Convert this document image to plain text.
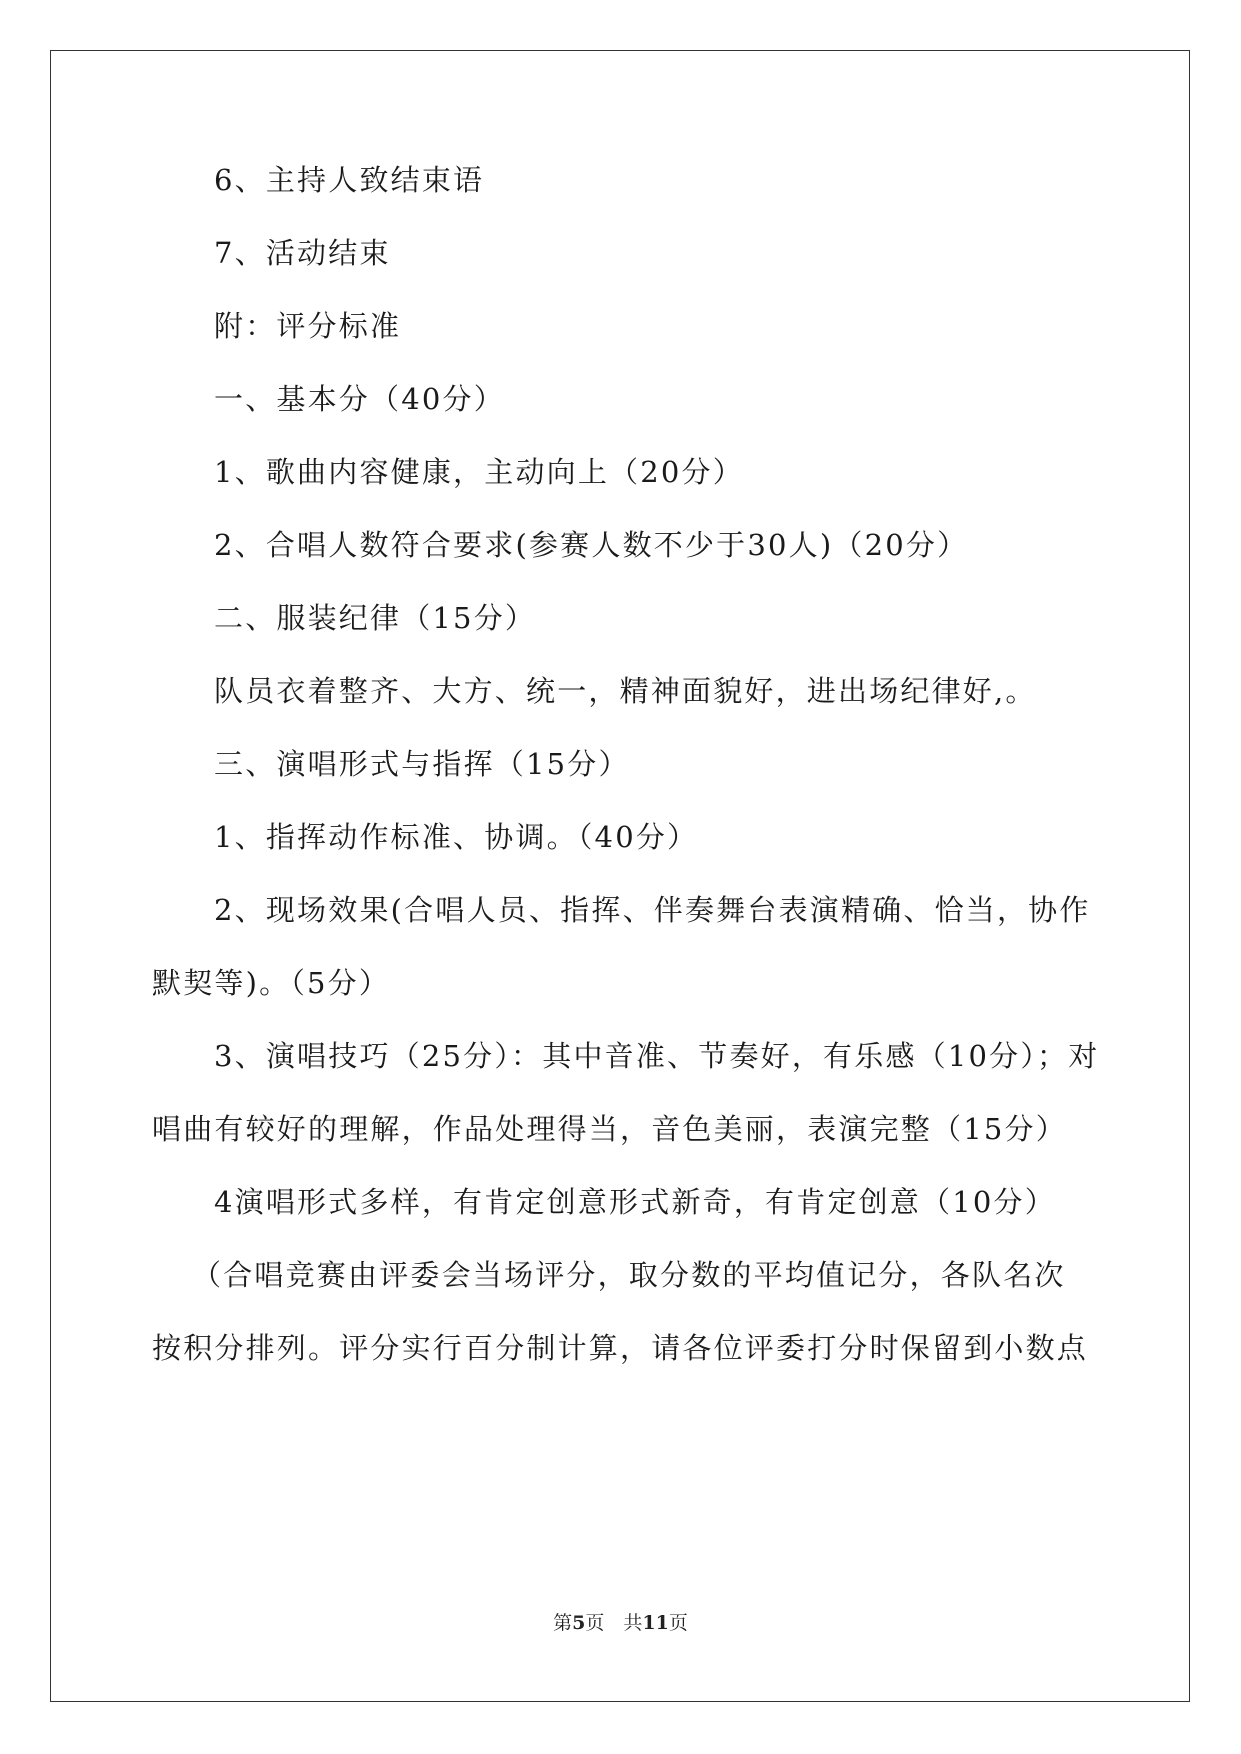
6、主持人致结束语
7、活动结束
附：评分标准
一、基本分（40分）
1、歌曲内容健康，主动向上（20分）
2、合唱人数符合要求(参赛人数不少于30人)（20分）
二、服装纪律（15分）
队员衣着整齐、大方、统一，精神面貌好，进出场纪律好,。
三、演唱形式与指挥（15分）
1、指挥动作标准、协调。（40分）
2、现场效果(合唱人员、指挥、伴奏舞台表演精确、恰当，协作
默契等)。（5分）
3、演唱技巧（25分）：其中音准、节奏好，有乐感（10分）；对
唱曲有较好的理解，作品处理得当，音色美丽，表演完整（15分）
4演唱形式多样，有肯定创意形式新奇，有肯定创意（10分）
（合唱竞赛由评委会当场评分，取分数的平均值记分，各队名次
按积分排列。评分实行百分制计算，请各位评委打分时保留到小数点
第5页　共11页
